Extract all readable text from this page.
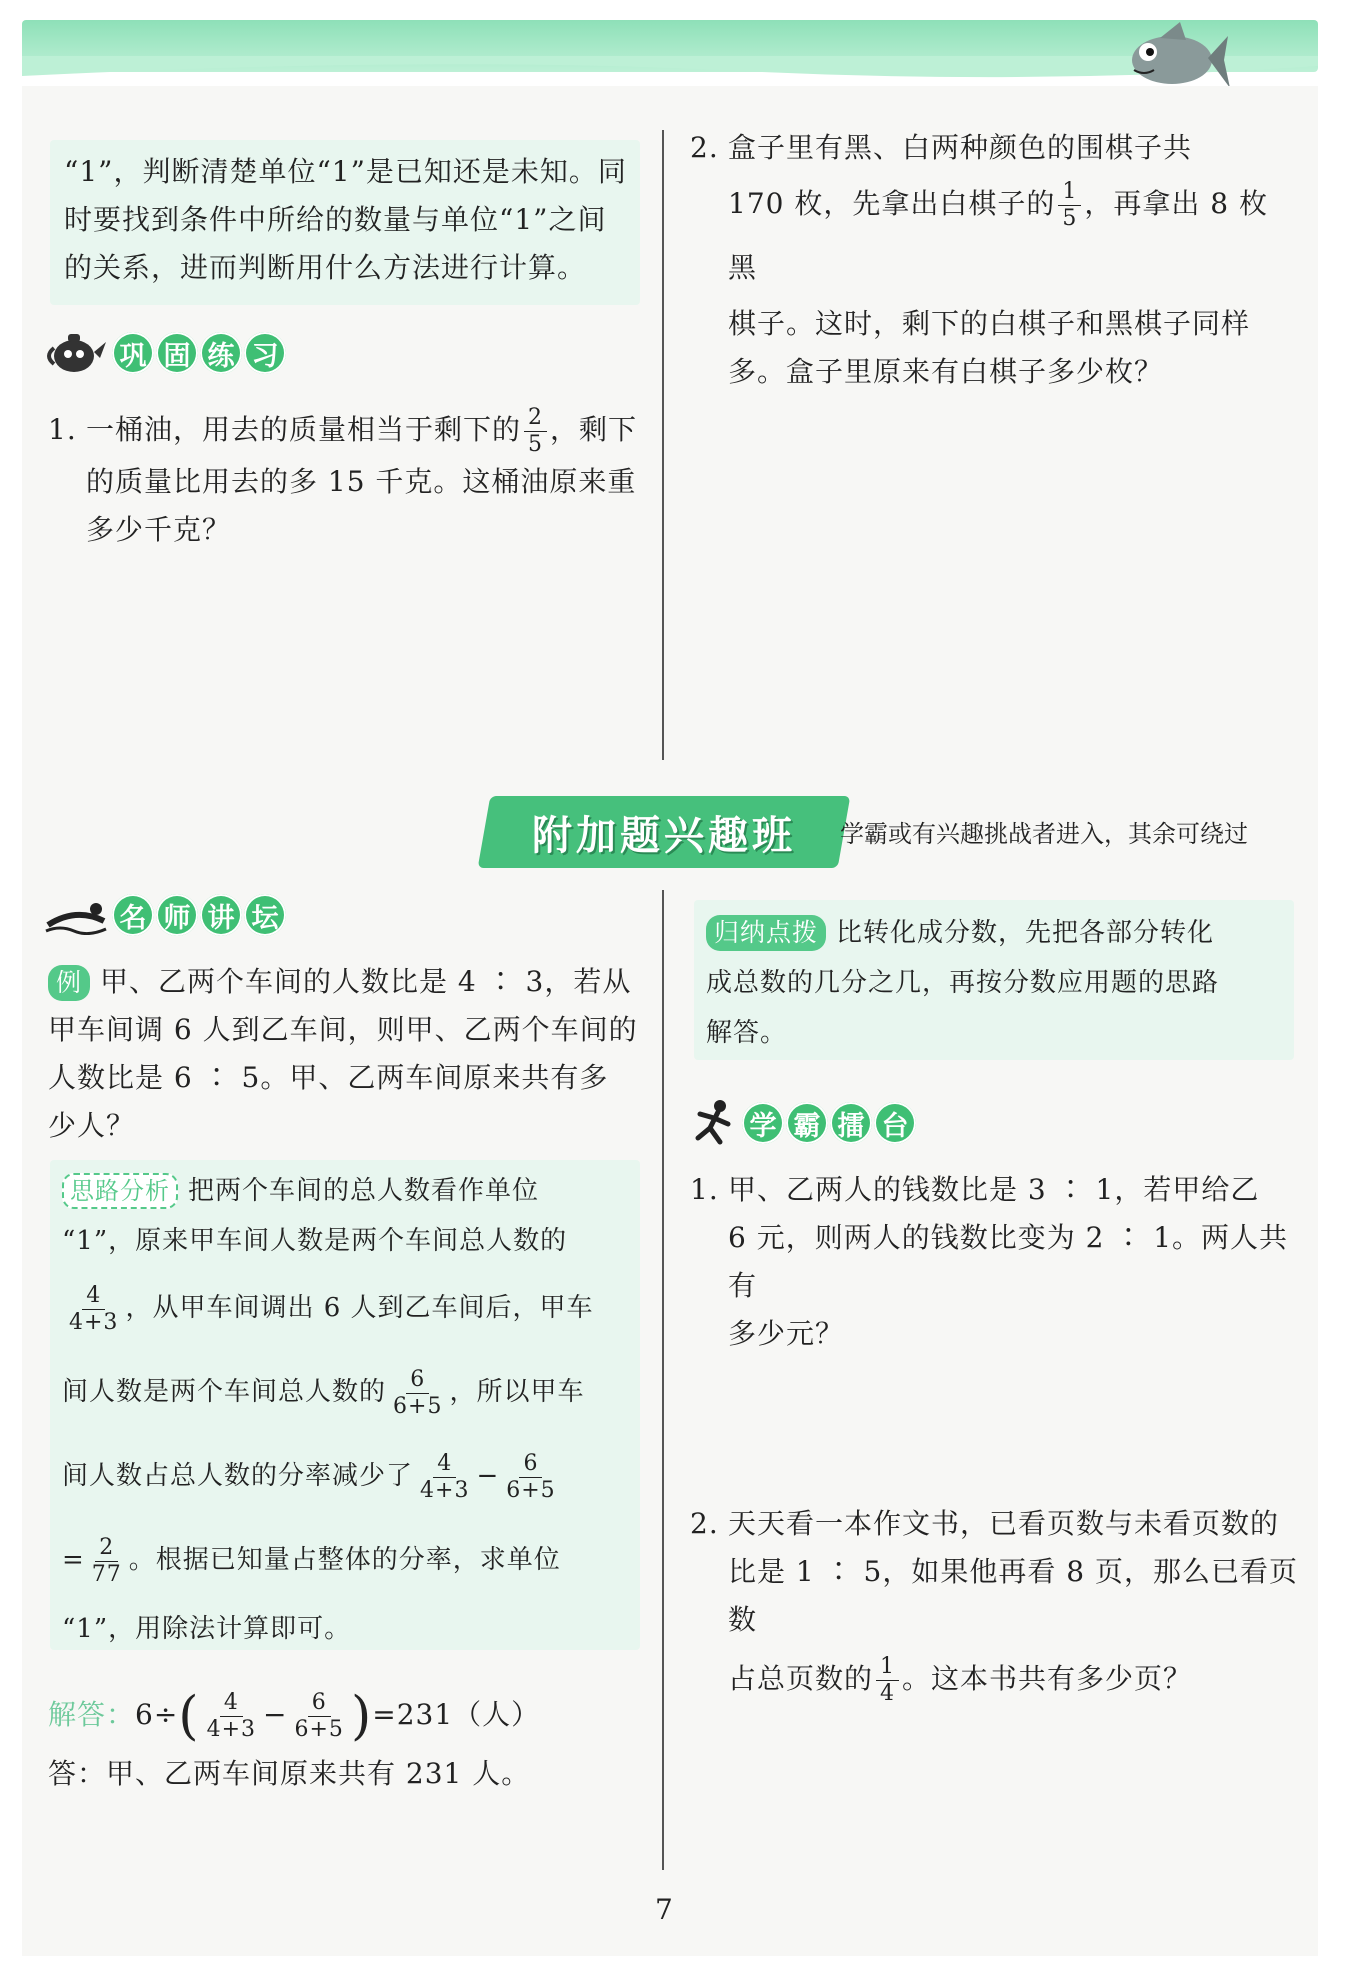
“1”，判断清楚单位“1”是已知还是未知。同

时要找到条件中所给的数量与单位“1”之间

的关系，进而判断用什么方法进行计算。

巩 固 练 习

1. 一桶油，用去的质量相当于剩下的 $\frac{2}{5}$ ，剩下

的质量比用去的多 15 千克。这桶油原来重

多少千克？

2. 盒子里有黑、白两种颜色的围棋子共

170 枚，先拿出白棋子的 $\frac{1}{5}$ ，再拿出 8 枚黑

棋子。这时，剩下的白棋子和黑棋子同样

多。盒子里原来有白棋子多少枚？

附加题兴趣班	学霸或有兴趣挑战者进入，其余可绕过
名 师 讲 坛

例 甲、乙两个车间的人数比是 4 ∶ 3，若从

甲车间调 6 人到乙车间，则甲、乙两个车间的

人数比是 6 ∶ 5。甲、乙两车间原来共有多

少人？

思路分析 把两个车间的总人数看作单位

“1”，原来甲车间人数是两个车间总人数的

$\frac{4}{4+3}$ ，从甲车间调出 6 人到乙车间后，甲车

间人数是两个车间总人数的 $\frac{6}{6+5}$ ，所以甲车

间人数占总人数的分率减少了 $\frac{4}{4+3} - \frac{6}{6+5}$

= $\frac{2}{77}$ 。根据已知量占整体的分率，求单位

“1”，用除法计算即可。

解答：$6\div( \frac{4}{4+3} - \frac{6}{6+5} )=231$（人）

答：甲、乙两车间原来共有 231 人。

归纳点拨 比转化成分数，先把各部分转化

成总数的几分之几，再按分数应用题的思路

解答。

学 霸 擂 台

1. 甲、乙两人的钱数比是 3 ∶ 1，若甲给乙

6 元，则两人的钱数比变为 2 ∶ 1。两人共有

多少元？

2. 天天看一本作文书，已看页数与未看页数的

比是 1 ∶ 5，如果他再看 8 页，那么已看页数

占总页数的 $\frac{1}{4}$ 。这本书共有多少页？

7
